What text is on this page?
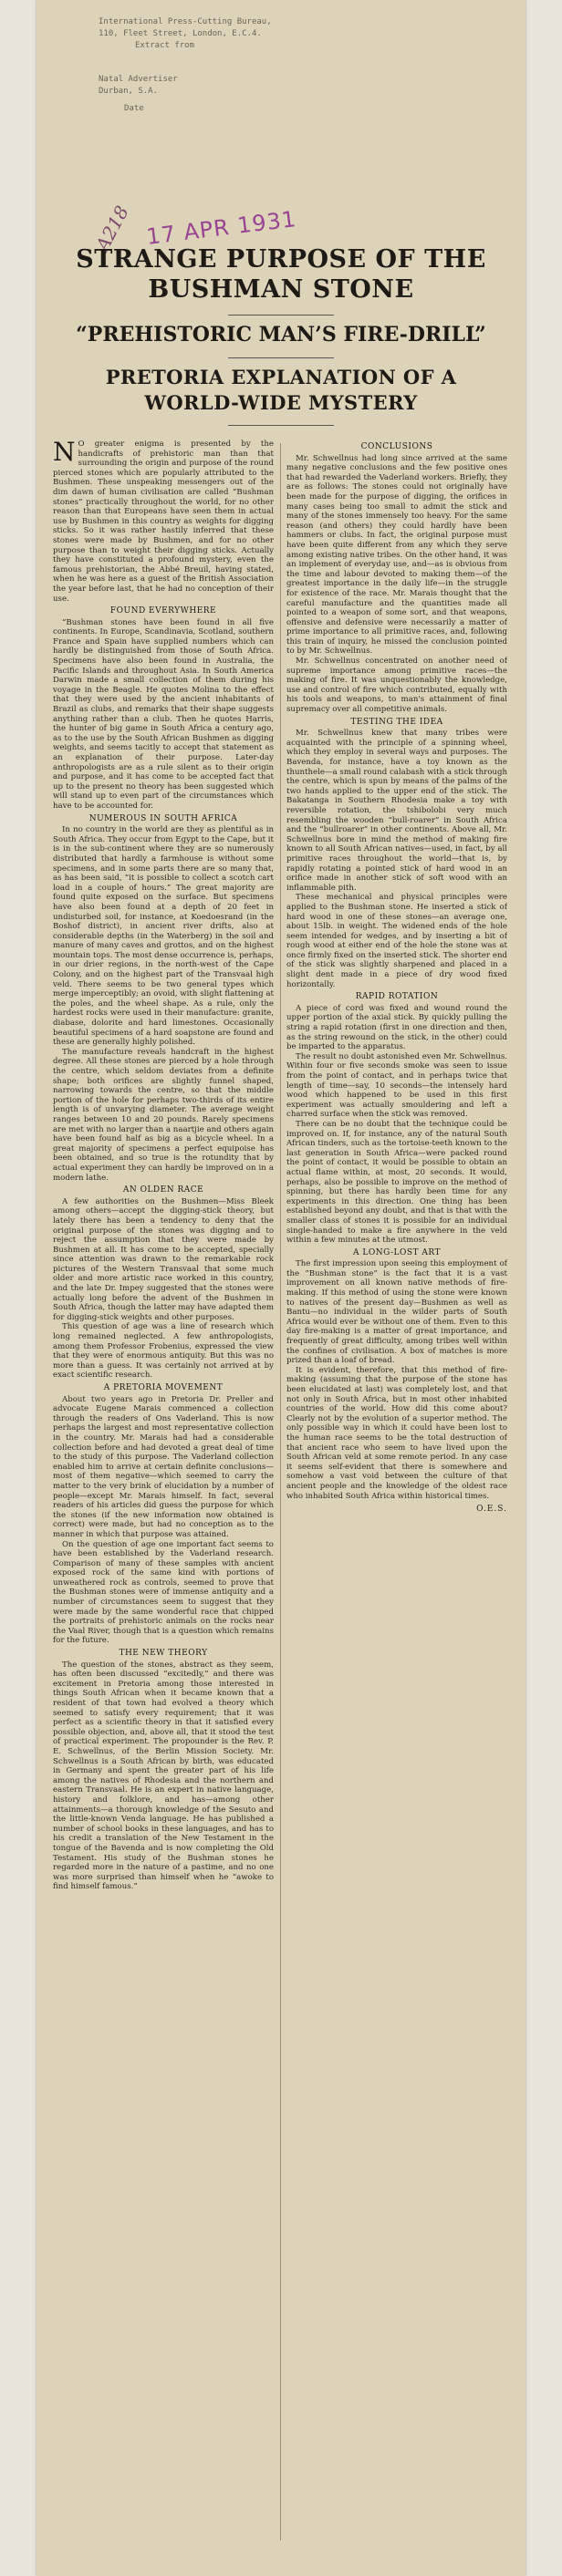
International Press-Cutting Bureau,
110, Fleet Street, London, E.C.4.
Extract from
Natal Advertiser
Durban, S.A.
Date
17 APR 1931
A218
STRANGE PURPOSE OF THE BUSHMAN STONE
“PREHISTORIC MAN’S FIRE-DRILL”
PRETORIA EXPLANATION OF A WORLD-WIDE MYSTERY

N O greater enigma is presented by the handicrafts of prehistoric man than that surrounding the origin and purpose of the round pierced stones which are popularly attributed to the Bushmen. These unspeaking messengers out of the dim dawn of human civilisation are called “Bushman stones” practically throughout the world, for no other reason than that Europeans have seen them in actual use by Bushmen in this country as weights for digging sticks. So it was rather hastily inferred that these stones were made by Bushmen, and for no other purpose than to weight their digging sticks. Actually they have constituted a profound mystery, even the famous prehistorian, the Abbé Breuil, having stated, when he was here as a guest of the British Association the year before last, that he had no conception of their use.

FOUND EVERYWHERE

“Bushman stones have been found in all five continents. In Europe, Scandinavia, Scotland, southern France and Spain have supplied numbers which can hardly be distinguished from those of South Africa. Specimens have also been found in Australia, the Pacific Islands and throughout Asia. In South America Darwin made a small collection of them during his voyage in the Beagle. He quotes Molina to the effect that they were used by the ancient inhabitants of Brazil as clubs, and remarks that their shape suggests anything rather than a club. Then he quotes Harris, the hunter of big game in South Africa a century ago, as to the use by the South African Bushmen as digging weights, and seems tacitly to accept that statement as an explanation of their purpose. Later-day anthropologists are as a rule silent as to their origin and purpose, and it has come to be accepted fact that up to the present no theory has been suggested which will stand up to even part of the circumstances which have to be accounted for.

NUMEROUS IN SOUTH AFRICA

In no country in the world are they as plentiful as in South Africa. They occur from Egypt to the Cape, but it is in the sub-continent where they are so numerously distributed that hardly a farmhouse is without some specimens, and in some parts there are so many that, as has been said, “it is possible to collect a scotch cart load in a couple of hours.” The great majority are found quite exposed on the surface. But specimens have also been found at a depth of 20 feet in undisturbed soil, for instance, at Koedoesrand (in the Boshof district), in ancient river drifts, also at considerable depths (in the Waterberg) in the soil and manure of many caves and grottos, and on the highest mountain tops. The most dense occurrence is, perhaps, in our drier regions, in the north-west of the Cape Colony, and on the highest part of the Transvaal high veld. There seems to be two general types which merge imperceptibly; an ovoid, with slight flattening at the poles, and the wheel shape. As a rule, only the hardest rocks were used in their manufacture: granite, diabase, dolorite and hard limestones. Occasionally beautiful specimens of a hard soapstone are found and these are generally highly polished.

The manufacture reveals handcraft in the highest degree. All these stones are pierced by a hole through the centre, which seldom deviates from a definite shape; both orifices are slightly funnel shaped, narrowing towards the centre, so that the middle portion of the hole for perhaps two-thirds of its entire length is of unvarying diameter. The average weight ranges between 10 and 20 pounds. Rarely specimens are met with no larger than a naartjie and others again have been found half as big as a bicycle wheel. In a great majority of specimens a perfect equipoise has been obtained, and so true is the rotundity that by actual experiment they can hardly be improved on in a modern lathe.

AN OLDEN RACE

A few authorities on the Bushmen—Miss Bleek among others—accept the digging-stick theory, but lately there has been a tendency to deny that the original purpose of the stones was digging and to reject the assumption that they were made by Bushmen at all. It has come to be accepted, specially since attention was drawn to the remarkable rock pictures of the Western Transvaal that some much older and more artistic race worked in this country, and the late Dr. Impey suggested that the stones were actually long before the advent of the Bushmen in South Africa, though the latter may have adapted them for digging-stick weights and other purposes.

This question of age was a line of research which long remained neglected. A few anthropologists, among them Professor Frobenius, expressed the view that they were of enormous antiquity. But this was no more than a guess. It was certainly not arrived at by exact scientific research.

A PRETORIA MOVEMENT

About two years ago in Pretoria Dr. Preller and advocate Eugene Marais commenced a collection through the readers of Ons Vaderland. This is now perhaps the largest and most representative collection in the country. Mr. Marais had had a considerable collection before and had devoted a great deal of time to the study of this purpose. The Vaderland collection enabled him to arrive at certain definite conclusions—most of them negative—which seemed to carry the matter to the very brink of elucidation by a number of people—except Mr. Marais himself. In fact, several readers of his articles did guess the purpose for which the stones (if the new information now obtained is correct) were made, but had no conception as to the manner in which that purpose was attained.

On the question of age one important fact seems to have been established by the Vaderland research. Comparison of many of these samples with ancient exposed rock of the same kind with portions of unweathered rock as controls, seemed to prove that the Bushman stones were of immense antiquity and a number of circumstances seem to suggest that they were made by the same wonderful race that chipped the portraits of prehistoric animals on the rocks near the Vaal River, though that is a question which remains for the future.

THE NEW THEORY

The question of the stones, abstract as they seem, has often been discussed “excitedly,” and there was excitement in Pretoria among those interested in things South African when it became known that a resident of that town had evolved a theory which seemed to satisfy every requirement; that it was perfect as a scientific theory in that it satisfied every possible objection, and, above all, that it stood the test of practical experiment. The propounder is the Rev. P. E. Schwellnus, of the Berlin Mission Society. Mr. Schwellnus is a South African by birth, was educated in Germany and spent the greater part of his life among the natives of Rhodesia and the northern and eastern Transvaal. He is an expert in native language, history and folklore, and has—among other attainments—a thorough knowledge of the Sesuto and the little-known Venda language. He has published a number of school books in these languages, and has to his credit a translation of the New Testament in the tongue of the Bavenda and is now completing the Old Testament. His study of the Bushman stones he regarded more in the nature of a pastime, and no one was more surprised than himself when he “awoke to find himself famous.”

CONCLUSIONS

Mr. Schwellnus had long since arrived at the same many negative conclusions and the few positive ones that had rewarded the Vaderland workers. Briefly, they are as follows: The stones could not originally have been made for the purpose of digging, the orifices in many cases being too small to admit the stick and many of the stones immensely too heavy. For the same reason (and others) they could hardly have been hammers or clubs. In fact, the original purpose must have been quite different from any which they serve among existing native tribes. On the other hand, it was an implement of everyday use, and—as is obvious from the time and labour devoted to making them—of the greatest importance in the daily life—in the struggle for existence of the race. Mr. Marais thought that the careful manufacture and the quantities made all pointed to a weapon of some sort, and that weapons, offensive and defensive were necessarily a matter of prime importance to all primitive races, and, following this train of inquiry, he missed the conclusion pointed to by Mr. Schwellnus.

Mr. Schwellnus concentrated on another need of supreme importance among primitive races—the making of fire. It was unquestionably the knowledge, use and control of fire which contributed, equally with his tools and weapons, to man's attainment of final supremacy over all competitive animals.

TESTING THE IDEA

Mr. Schwellnus knew that many tribes were acquainted with the principle of a spinning wheel, which they employ in several ways and purposes. The Bavenda, for instance, have a toy known as the thunthele—a small round calabash with a stick through the centre, which is spun by means of the palms of the two hands applied to the upper end of the stick. The Bakatanga in Southern Rhodesia make a toy with reversible rotation, the tshibolobi very much resembling the wooden “bull-roarer” in South Africa and the “bullroarer” in other continents. Above all, Mr. Schwellnus bore in mind the method of making fire known to all South African natives—used, in fact, by all primitive races throughout the world—that is, by rapidly rotating a pointed stick of hard wood in an orifice made in another stick of soft wood with an inflammable pith.

These mechanical and physical principles were applied to the Bushman stone. He inserted a stick of hard wood in one of these stones—an average one, about 15lb. in weight. The widened ends of the hole seem intended for wedges, and by inserting a bit of rough wood at either end of the hole the stone was at once firmly fixed on the inserted stick. The shorter end of the stick was slightly sharpened and placed in a slight dent made in a piece of dry wood fixed horizontally.

RAPID ROTATION

A piece of cord was fixed and wound round the upper portion of the axial stick. By quickly pulling the string a rapid rotation (first in one direction and then, as the string rewound on the stick, in the other) could be imparted to the apparatus.

The result no doubt astonished even Mr. Schwellnus. Within four or five seconds smoke was seen to issue from the point of contact, and in perhaps twice that length of time—say, 10 seconds—the intensely hard wood which happened to be used in this first experiment was actually smouldering and left a charred surface when the stick was removed.

There can be no doubt that the technique could be improved on. If, for instance, any of the natural South African tinders, such as the tortoise-teeth known to the last generation in South Africa—were packed round the point of contact, it would be possible to obtain an actual flame within, at most, 20 seconds. It would, perhaps, also be possible to improve on the method of spinning, but there has hardly been time for any experiments in this direction. One thing has been established beyond any doubt, and that is that with the smaller class of stones it is possible for an individual single-handed to make a fire anywhere in the veld within a few minutes at the utmost.

A LONG-LOST ART

The first impression upon seeing this employment of the “Bushman stone” is the fact that it is a vast improvement on all known native methods of fire-making. If this method of using the stone were known to natives of the present day—Bushmen as well as Bantu—no individual in the wilder parts of South Africa would ever be without one of them. Even to this day fire-making is a matter of great importance, and frequently of great difficulty, among tribes well within the confines of civilisation. A box of matches is more prized than a loaf of bread.

It is evident, therefore, that this method of fire-making (assuming that the purpose of the stone has been elucidated at last) was completely lost, and that not only in South Africa, but in most other inhabited countries of the world. How did this come about? Clearly not by the evolution of a superior method. The only possible way in which it could have been lost to the human race seems to be the total destruction of that ancient race who seem to have lived upon the South African veld at some remote period. In any case it seems self-evident that there is somewhere and somehow a vast void between the culture of that ancient people and the knowledge of the oldest race who inhabited South Africa within historical times.

O.E.S.
